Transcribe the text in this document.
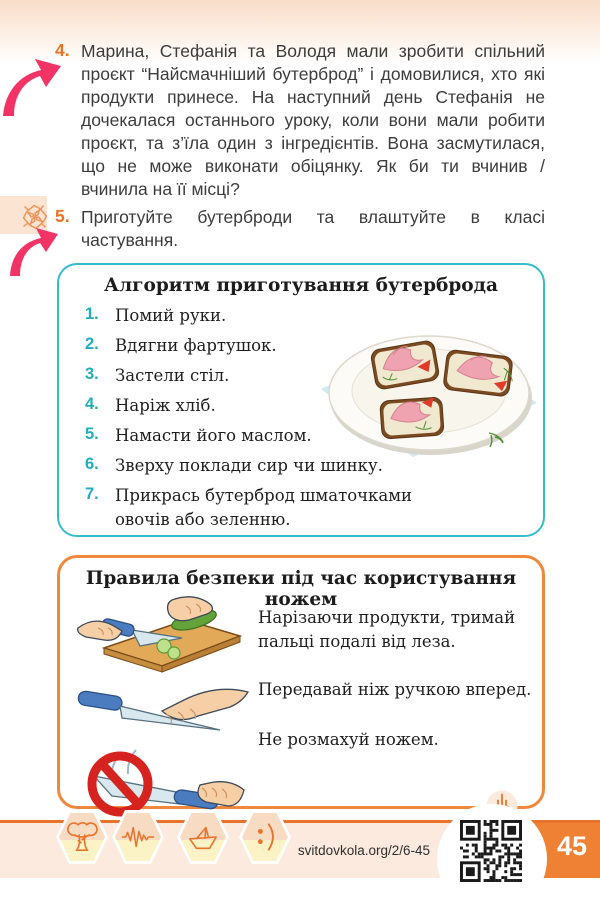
4. Марина, Стефанія та Володя мали зробити спільний проєкт “Найсмачніший бутерброд” і домовилися, хто які продукти принесе. На наступний день Стефанія не дочекалася останнього уроку, коли вони мали робити проєкт, та з’їла один з інгредієнтів. Вона засмутилася, що не може виконати обіцянку. Як би ти вчинив / вчинила на її місці?
5. Приготуйте бутерброди та влаштуйте в класі частування.
Алгоритм приготування бутерброда
1. Помий руки.
2. Вдягни фартушок.
3. Застели стіл.
4. Наріж хліб.
5. Намасти його маслом.
6. Зверху поклади сир чи шинку.
7. Прикрась бутерброд шматочками овочів або зеленню.
Правила безпеки під час користування ножем

Нарізаючи продукти, тримай пальці подалі від леза.

Передавай ніж ручкою вперед.

Не розмахуй ножем.

svitdovkola.org/2/6-45	45
